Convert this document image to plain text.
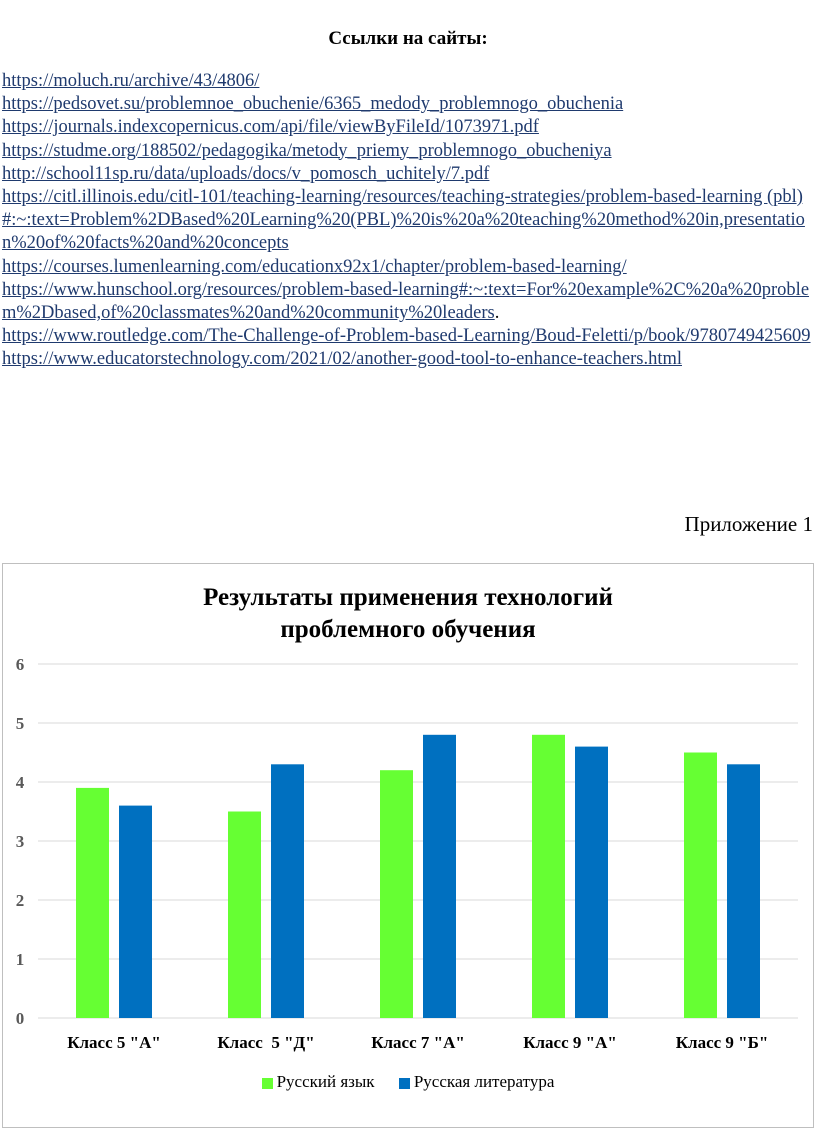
Ссылки на сайты:
https://moluch.ru/archive/43/4806/
https://pedsovet.su/problemnoe_obuchenie/6365_medody_problemnogo_obuchenia
https://journals.indexcopernicus.com/api/file/viewByFileId/1073971.pdf
https://studme.org/188502/pedagogika/metody_priemy_problemnogo_obucheniya
http://school11sp.ru/data/uploads/docs/v_pomosch_uchitely/7.pdf
https://citl.illinois.edu/citl-101/teaching-learning/resources/teaching-strategies/problem-based-learning (pbl)#:~:text=Problem%2DBased%20Learning%20(PBL)%20is%20a%20teaching%20method%20in,presentation%20of%20facts%20and%20concepts
https://courses.lumenlearning.com/educationx92x1/chapter/problem-based-learning/
https://www.hunschool.org/resources/problem-based-learning#:~:text=For%20example%2C%20a%20problem%2Dbased,of%20classmates%20and%20community%20leaders.
https://www.routledge.com/The-Challenge-of-Problem-based-Learning/Boud-Feletti/p/book/9780749425609https://www.educatorstechnology.com/2021/02/another-good-tool-to-enhance-teachers.html
Приложение 1
Результаты применения технологий
проблемного обучения
0
1
2
3
4
5
6
Класс 5 "А"	Класс  5 "Д"	Класс 7 "А"	Класс 9 "А"	Класс 9 "Б"
Русский язык Русская литература
